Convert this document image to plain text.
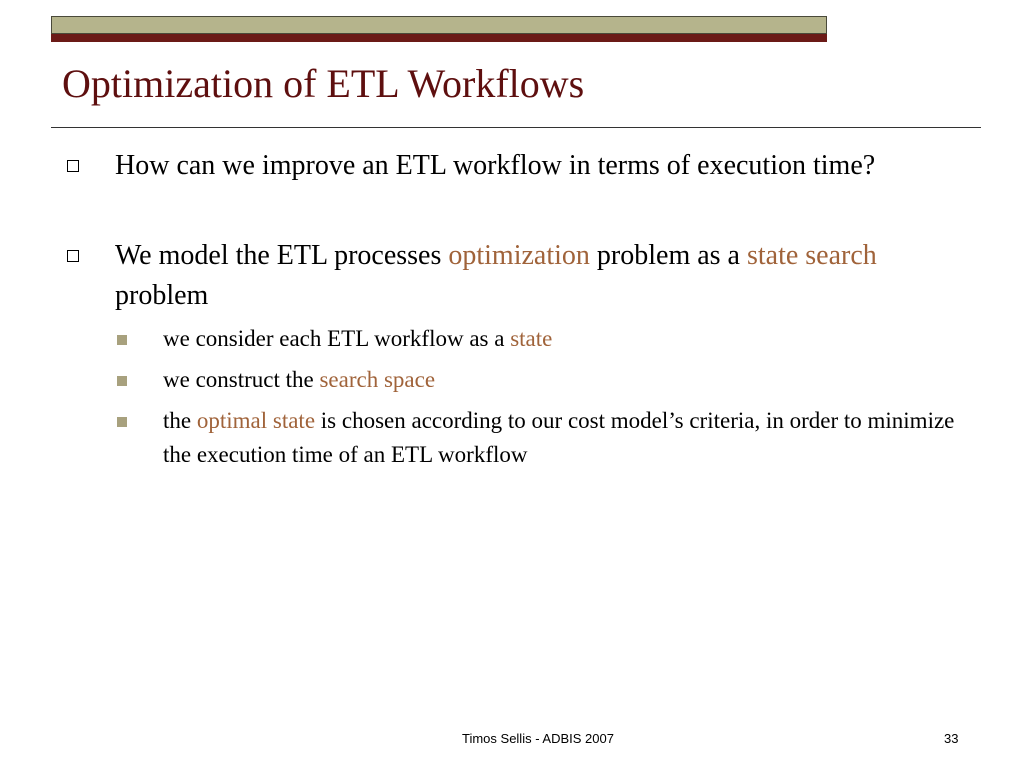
Optimization of ETL Workflows
How can we improve an ETL workflow in terms of execution time?
We model the ETL processes optimization problem as a state search problem
we consider each ETL workflow as a state
we construct the search space
the optimal state is chosen according to our cost model’s criteria, in order to minimize the execution time of an ETL workflow
Timos Sellis - ADBIS 2007	33
